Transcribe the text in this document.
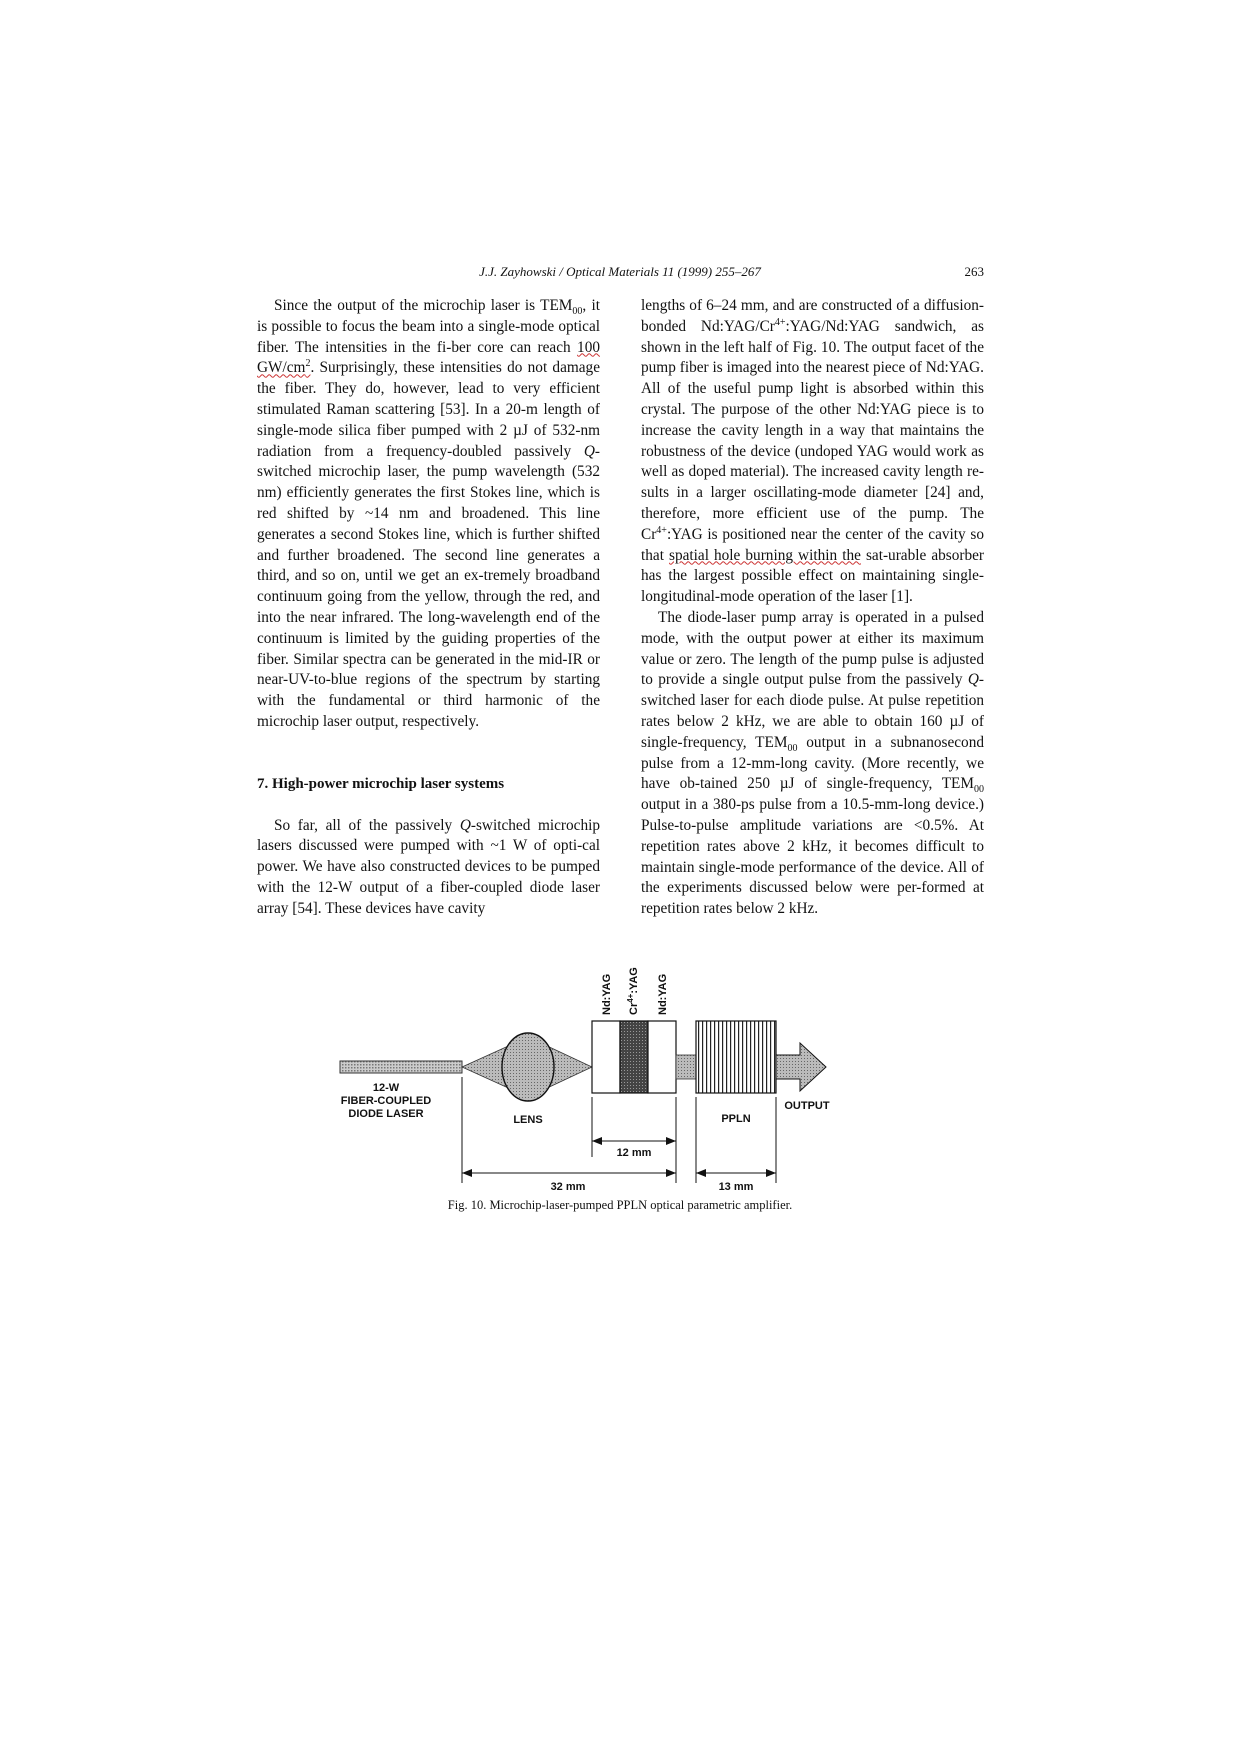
J.J. Zayhowski / Optical Materials 11 (1999) 255–267	263

Since the output of the microchip laser is $TEM_{00}$, it is possible to focus the beam into a single-mode optical fiber. The intensities in the fi-ber core can reach 100 $GW/cm^2$. Surprisingly, these intensities do not damage the fiber. They do, however, lead to very efficient stimulated Raman scattering [53]. In a 20-m length of single-mode silica fiber pumped with 2 µJ of 532-nm radiation from a frequency-doubled passively Q-switched microchip laser, the pump wavelength (532 nm) efficiently generates the first Stokes line, which is red shifted by ~14 nm and broadened. This line generates a second Stokes line, which is further shifted and further broadened. The second line generates a third, and so on, until we get an ex-tremely broadband continuum going from the yellow, through the red, and into the near infrared. The long-wavelength end of the continuum is limited by the guiding properties of the fiber. Similar spectra can be generated in the mid-IR or near-UV-to-blue regions of the spectrum by starting with the fundamental or third harmonic of the microchip laser output, respectively.

7. High-power microchip laser systems

So far, all of the passively Q-switched microchip lasers discussed were pumped with ~1 W of opti-cal power. We have also constructed devices to be pumped with the 12-W output of a fiber-coupled diode laser array [54]. These devices have cavity

lengths of 6–24 mm, and are constructed of a diffusion-bonded $Nd:YAG/Cr^{4+}:YAG/Nd:YAG$ sandwich, as shown in the left half of Fig. 10. The output facet of the pump fiber is imaged into the nearest piece of Nd:YAG. All of the useful pump light is absorbed within this crystal. The purpose of the other Nd:YAG piece is to increase the cavity length in a way that maintains the robustness of the device (undoped YAG would work as well as doped material). The increased cavity length re-sults in a larger oscillating-mode diameter [24] and, therefore, more efficient use of the pump. The $Cr^{4+}:YAG$ is positioned near the center of the cavity so that spatial hole burning within the sat-urable absorber has the largest possible effect on maintaining single-longitudinal-mode operation of the laser [1].

The diode-laser pump array is operated in a pulsed mode, with the output power at either its maximum value or zero. The length of the pump pulse is adjusted to provide a single output pulse from the passively Q-switched laser for each diode pulse. At pulse repetition rates below 2 kHz, we are able to obtain 160 µJ of single-frequency, $TEM_{00}$ output in a subnanosecond pulse from a 12-mm-long cavity. (More recently, we have ob-tained 250 µJ of single-frequency, $TEM_{00}$ output in a 380-ps pulse from a 10.5-mm-long device.) Pulse-to-pulse amplitude variations are <0.5%. At repetition rates above 2 kHz, it becomes difficult to maintain single-mode performance of the device. All of the experiments discussed below were per-formed at repetition rates below 2 kHz.

Nd:YAG $Cr^{4+}:YAG$ Nd:YAG
12-W
FIBER-COUPLED
DIODE LASER	LENS	PPLN
OUTPUT
12 mm
32 mm	13 mm
Fig. 10. Microchip-laser-pumped PPLN optical parametric amplifier.
